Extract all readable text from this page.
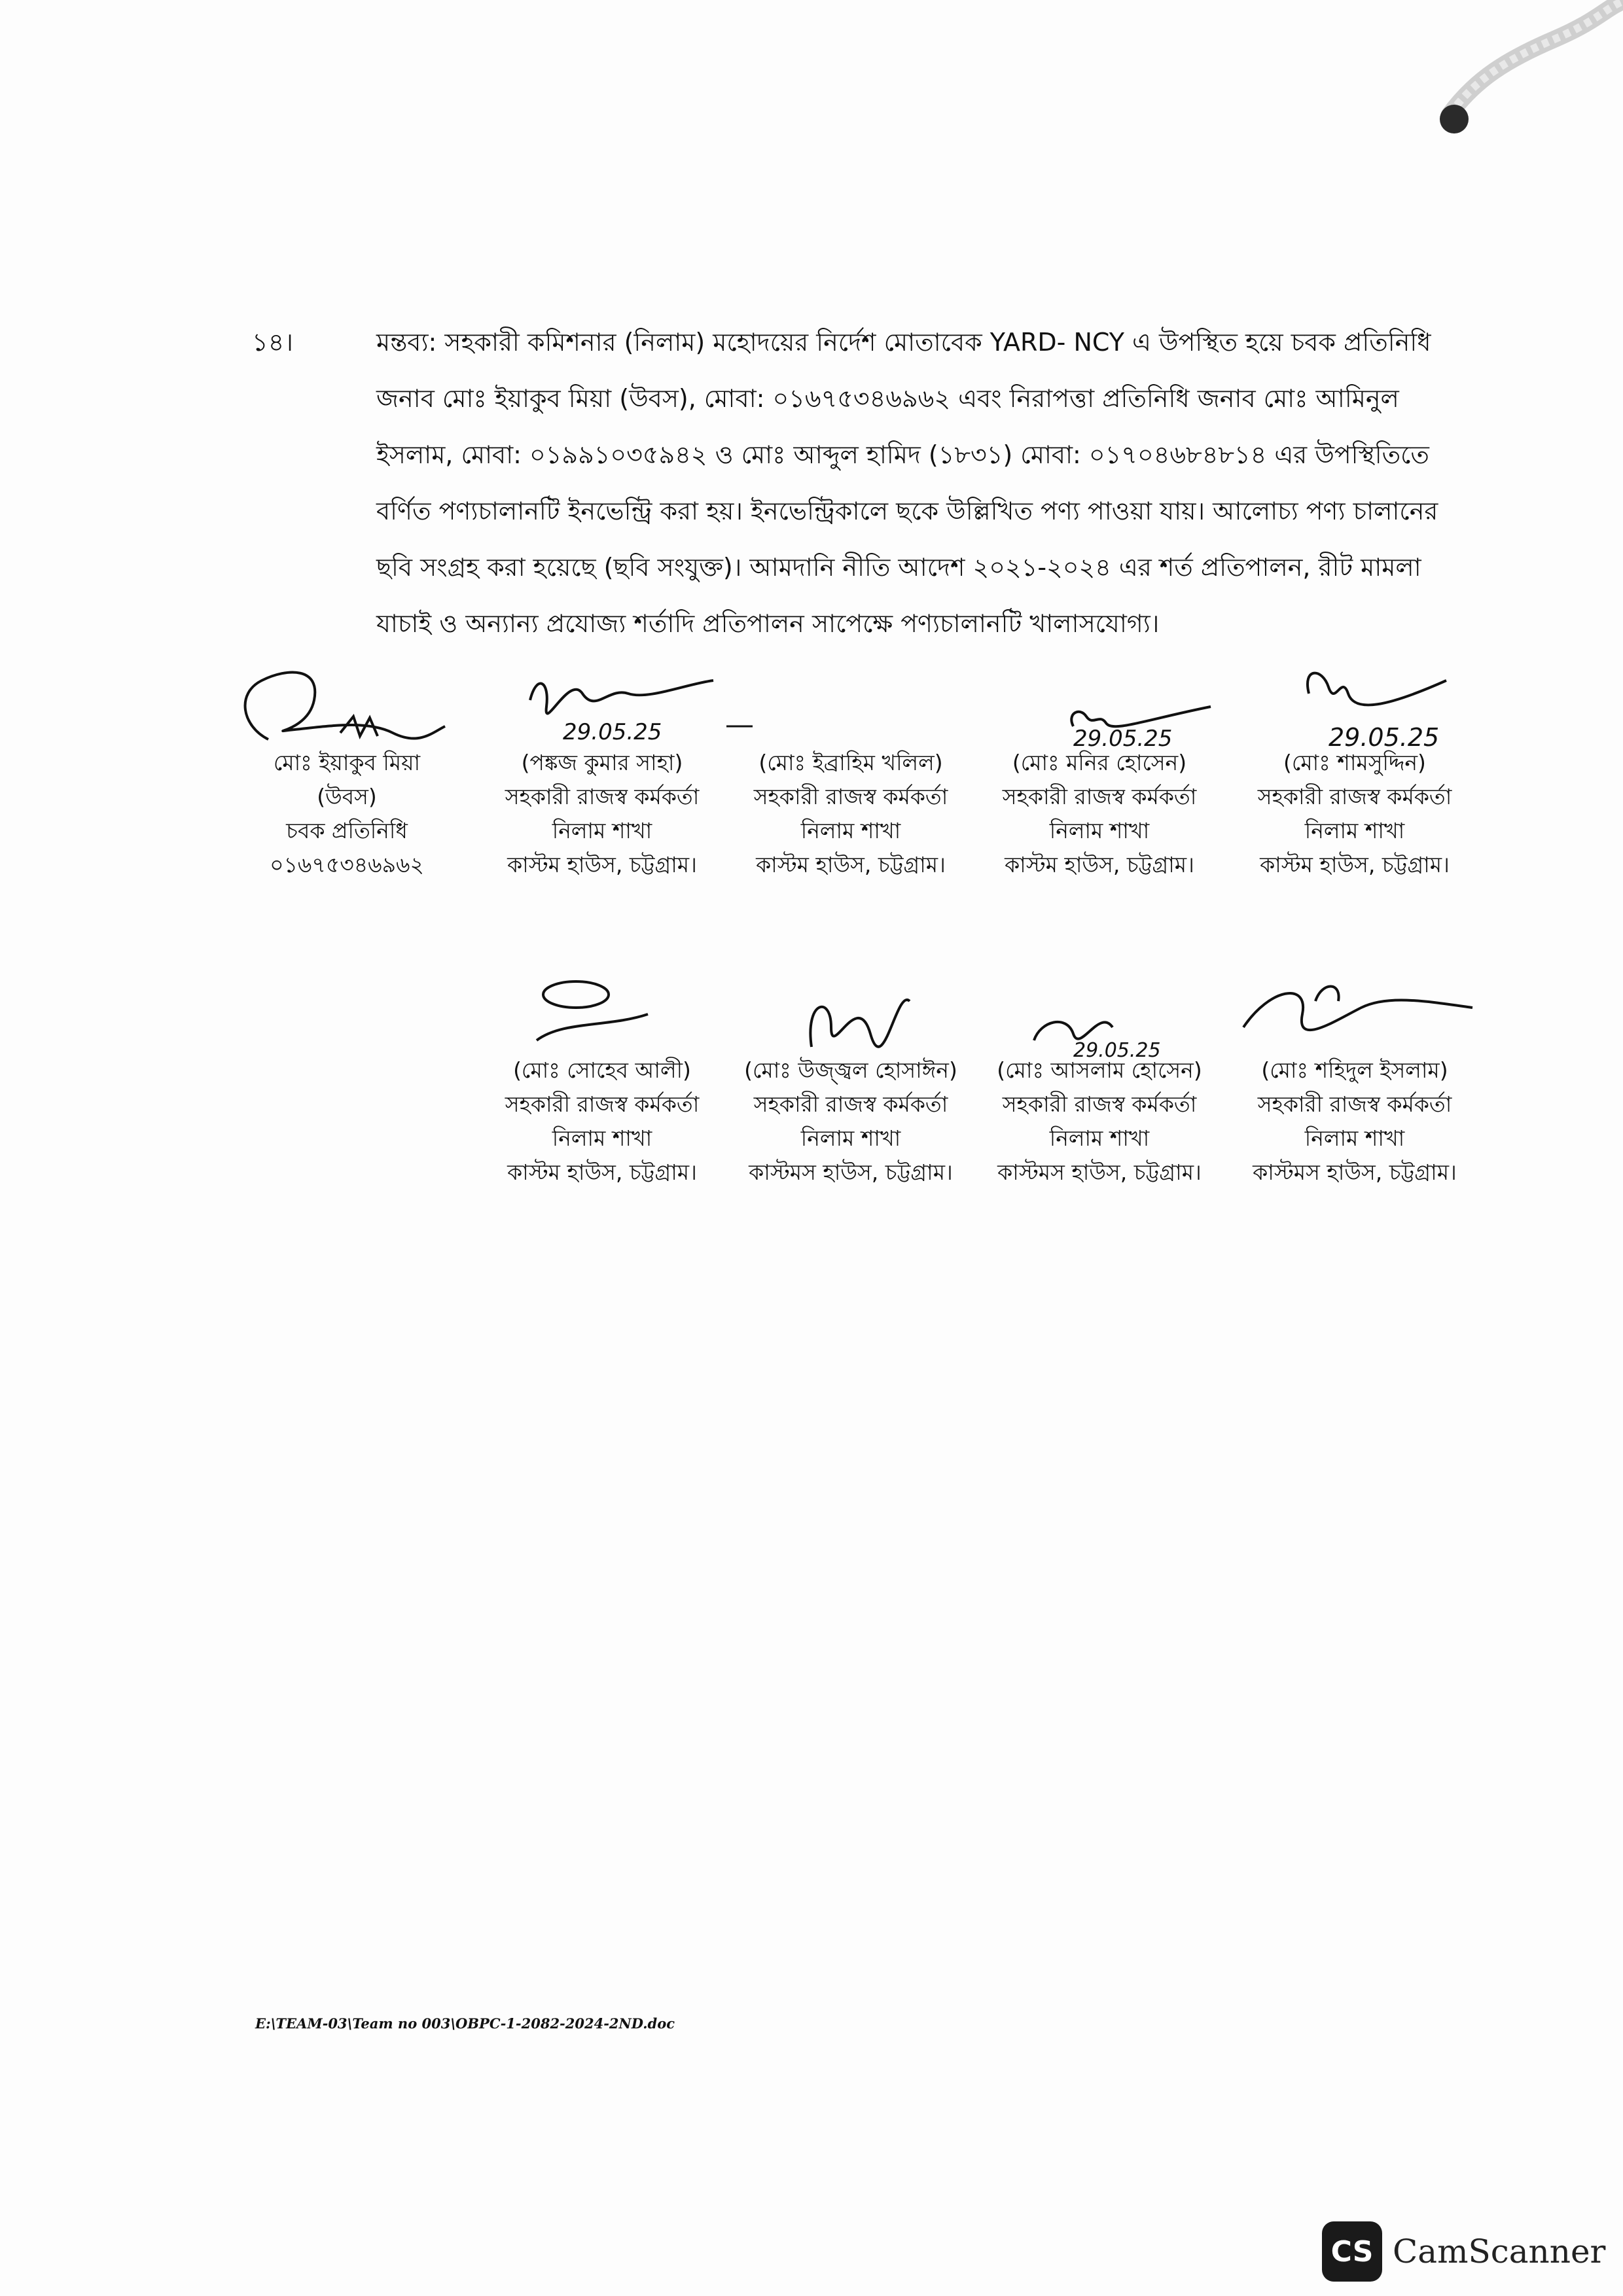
১৪।	মন্তব্য: সহকারী কমিশনার (নিলাম) মহোদয়ের নির্দেশ মোতাবেক YARD- NCY এ উপস্থিত হয়ে চবক প্রতিনিধি জনাব মোঃ ইয়াকুব মিয়া (উবস), মোবা: ০১৬৭৫৩৪৬৯৬২ এবং নিরাপত্তা প্রতিনিধি জনাব মোঃ আমিনুল ইসলাম, মোবা: ০১৯৯১০৩৫৯৪২ ও মোঃ আব্দুল হামিদ (১৮৩১) মোবা: ০১৭০৪৬৮৪৮১৪ এর উপস্থিতিতে বর্ণিত পণ্যচালানটি ইনভেন্ট্রি করা হয়। ইনভেন্ট্রিকালে ছকে উল্লিখিত পণ্য পাওয়া যায়। আলোচ্য পণ্য চালানের ছবি সংগ্রহ করা হয়েছে (ছবি সংযুক্ত)। আমদানি নীতি আদেশ ২০২১-২০২৪ এর শর্ত প্রতিপালন, রীট মামলা যাচাই ও অন্যান্য প্রযোজ্য শর্তাদি প্রতিপালন সাপেক্ষে পণ্যচালানটি খালাসযোগ্য।

মোঃ ইয়াকুব মিয়া
(উবস)
চবক প্রতিনিধি
০১৬৭৫৩৪৬৯৬২
29.05.25
(পঙ্কজ কুমার সাহা)
সহকারী রাজস্ব কর্মকর্তা
নিলাম শাখা
কাস্টম হাউস, চট্টগ্রাম।
(মোঃ ইব্রাহিম খলিল)
সহকারী রাজস্ব কর্মকর্তা
নিলাম শাখা
কাস্টম হাউস, চট্টগ্রাম।
29.05.25
(মোঃ মনির হোসেন)
সহকারী রাজস্ব কর্মকর্তা
নিলাম শাখা
কাস্টম হাউস, চট্টগ্রাম।
29.05.25
(মোঃ শামসুদ্দিন)
সহকারী রাজস্ব কর্মকর্তা
নিলাম শাখা
কাস্টম হাউস, চট্টগ্রাম।
(মোঃ সোহেব আলী)
সহকারী রাজস্ব কর্মকর্তা
নিলাম শাখা
কাস্টম হাউস, চট্টগ্রাম।
(মোঃ উজ্জ্বল হোসাঈন)
সহকারী রাজস্ব কর্মকর্তা
নিলাম শাখা
কাস্টমস হাউস, চট্টগ্রাম।
29.05.25
(মোঃ আসলাম হোসেন)
সহকারী রাজস্ব কর্মকর্তা
নিলাম শাখা
কাস্টমস হাউস, চট্টগ্রাম।
(মোঃ শহিদুল ইসলাম)
সহকারী রাজস্ব কর্মকর্তা
নিলাম শাখা
কাস্টমস হাউস, চট্টগ্রাম।
E:\TEAM-03\Team no 003\OBPC-1-2082-2024-2ND.doc
CS CamScanner
